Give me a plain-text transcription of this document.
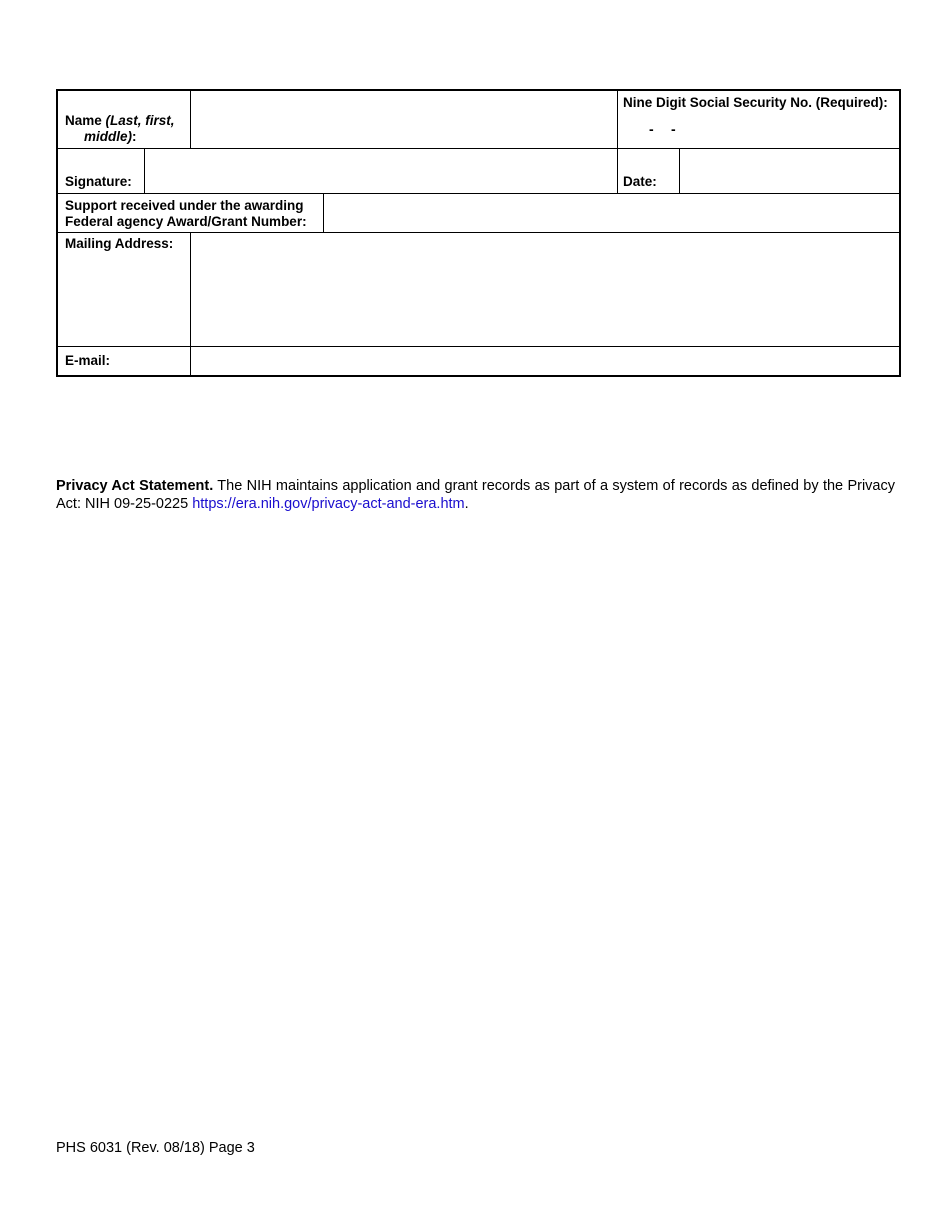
Name (Last, first,
middle):
Nine Digit Social Security No. (Required):
- -
Signature:	Date:
Support received under the awarding
Federal agency Award/Grant Number:
Mailing Address:
E-mail:
Privacy Act Statement. The NIH maintains application and grant records as part of a system of records as defined by the Privacy Act: NIH 09-25-0225 https://era.nih.gov/privacy-act-and-era.htm.
PHS 6031 (Rev. 08/18) Page 3
